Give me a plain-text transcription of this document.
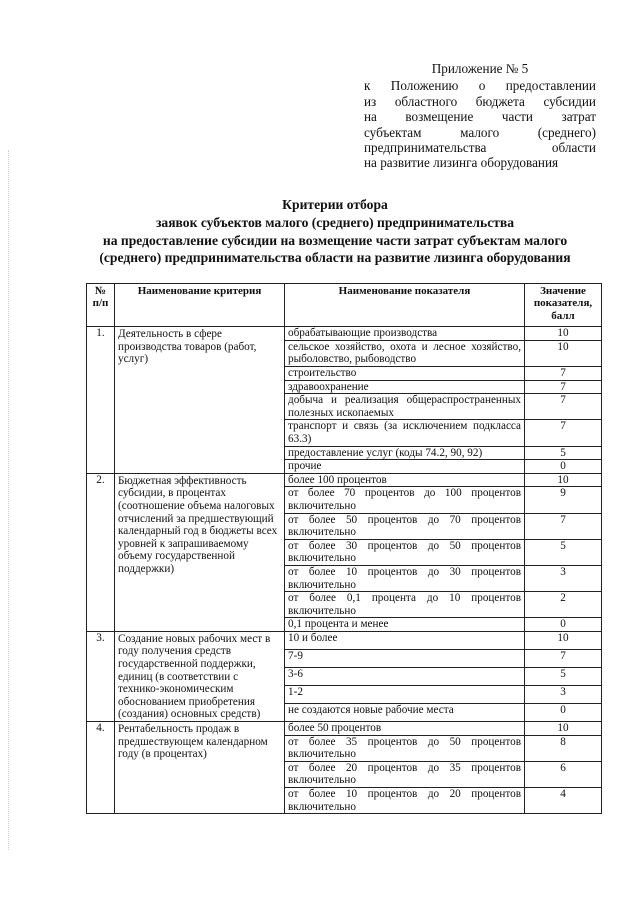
Приложение № 5
к Положению о предоставлении
из областного бюджета субсидии
на возмещение части затрат
субъектам малого (среднего)
предпринимательства области
на развитие лизинга оборудования
Критерии отбора
заявок субъектов малого (среднего) предпринимательства
на предоставление субсидии на возмещение части затрат субъектам малого
(среднего) предпринимательства области на развитие лизинга оборудования
№ п/п	Наименование критерия	Наименование показателя	Значение показателя, балл
1.	Деятельность в сфере производства товаров (работ, услуг)	обрабатывающие производства	10
		сельское хозяйство, охота и лесное хозяйство, рыболовство, рыбоводство	10
		строительство	7
		здравоохранение	7
		добыча и реализация общераспространенных полезных ископаемых	7
		транспорт и связь (за исключением подкласса 63.3)	7
		предоставление услуг (коды 74.2, 90, 92)	5
		прочие	0
2.	Бюджетная эффективность субсидии, в процентах (соотношение объема налоговых отчислений за предшествующий календарный год в бюджеты всех уровней к запрашиваемому объему государственной поддержки)	более 100 процентов	10
		от более 70 процентов до 100 процентов включительно	9
		от более 50 процентов до 70 процентов включительно	7
		от более 30 процентов до 50 процентов включительно	5
		от более 10 процентов до 30 процентов включительно	3
		от более 0,1 процента до 10 процентов включительно	2
		0,1 процента и менее	0
3.	Создание новых рабочих мест в году получения средств государственной поддержки, единиц (в соответствии с технико-экономическим обоснованием приобретения (создания) основных средств)	10 и более	10
		7-9	7
		3-6	5
		1-2	3
		не создаются новые рабочие места	0
4.	Рентабельность продаж в предшествующем календарном году (в процентах)	более 50 процентов	10
		от более 35 процентов до 50 процентов включительно	8
		от более 20 процентов до 35 процентов включительно	6
		от более 10 процентов до 20 процентов включительно	4
